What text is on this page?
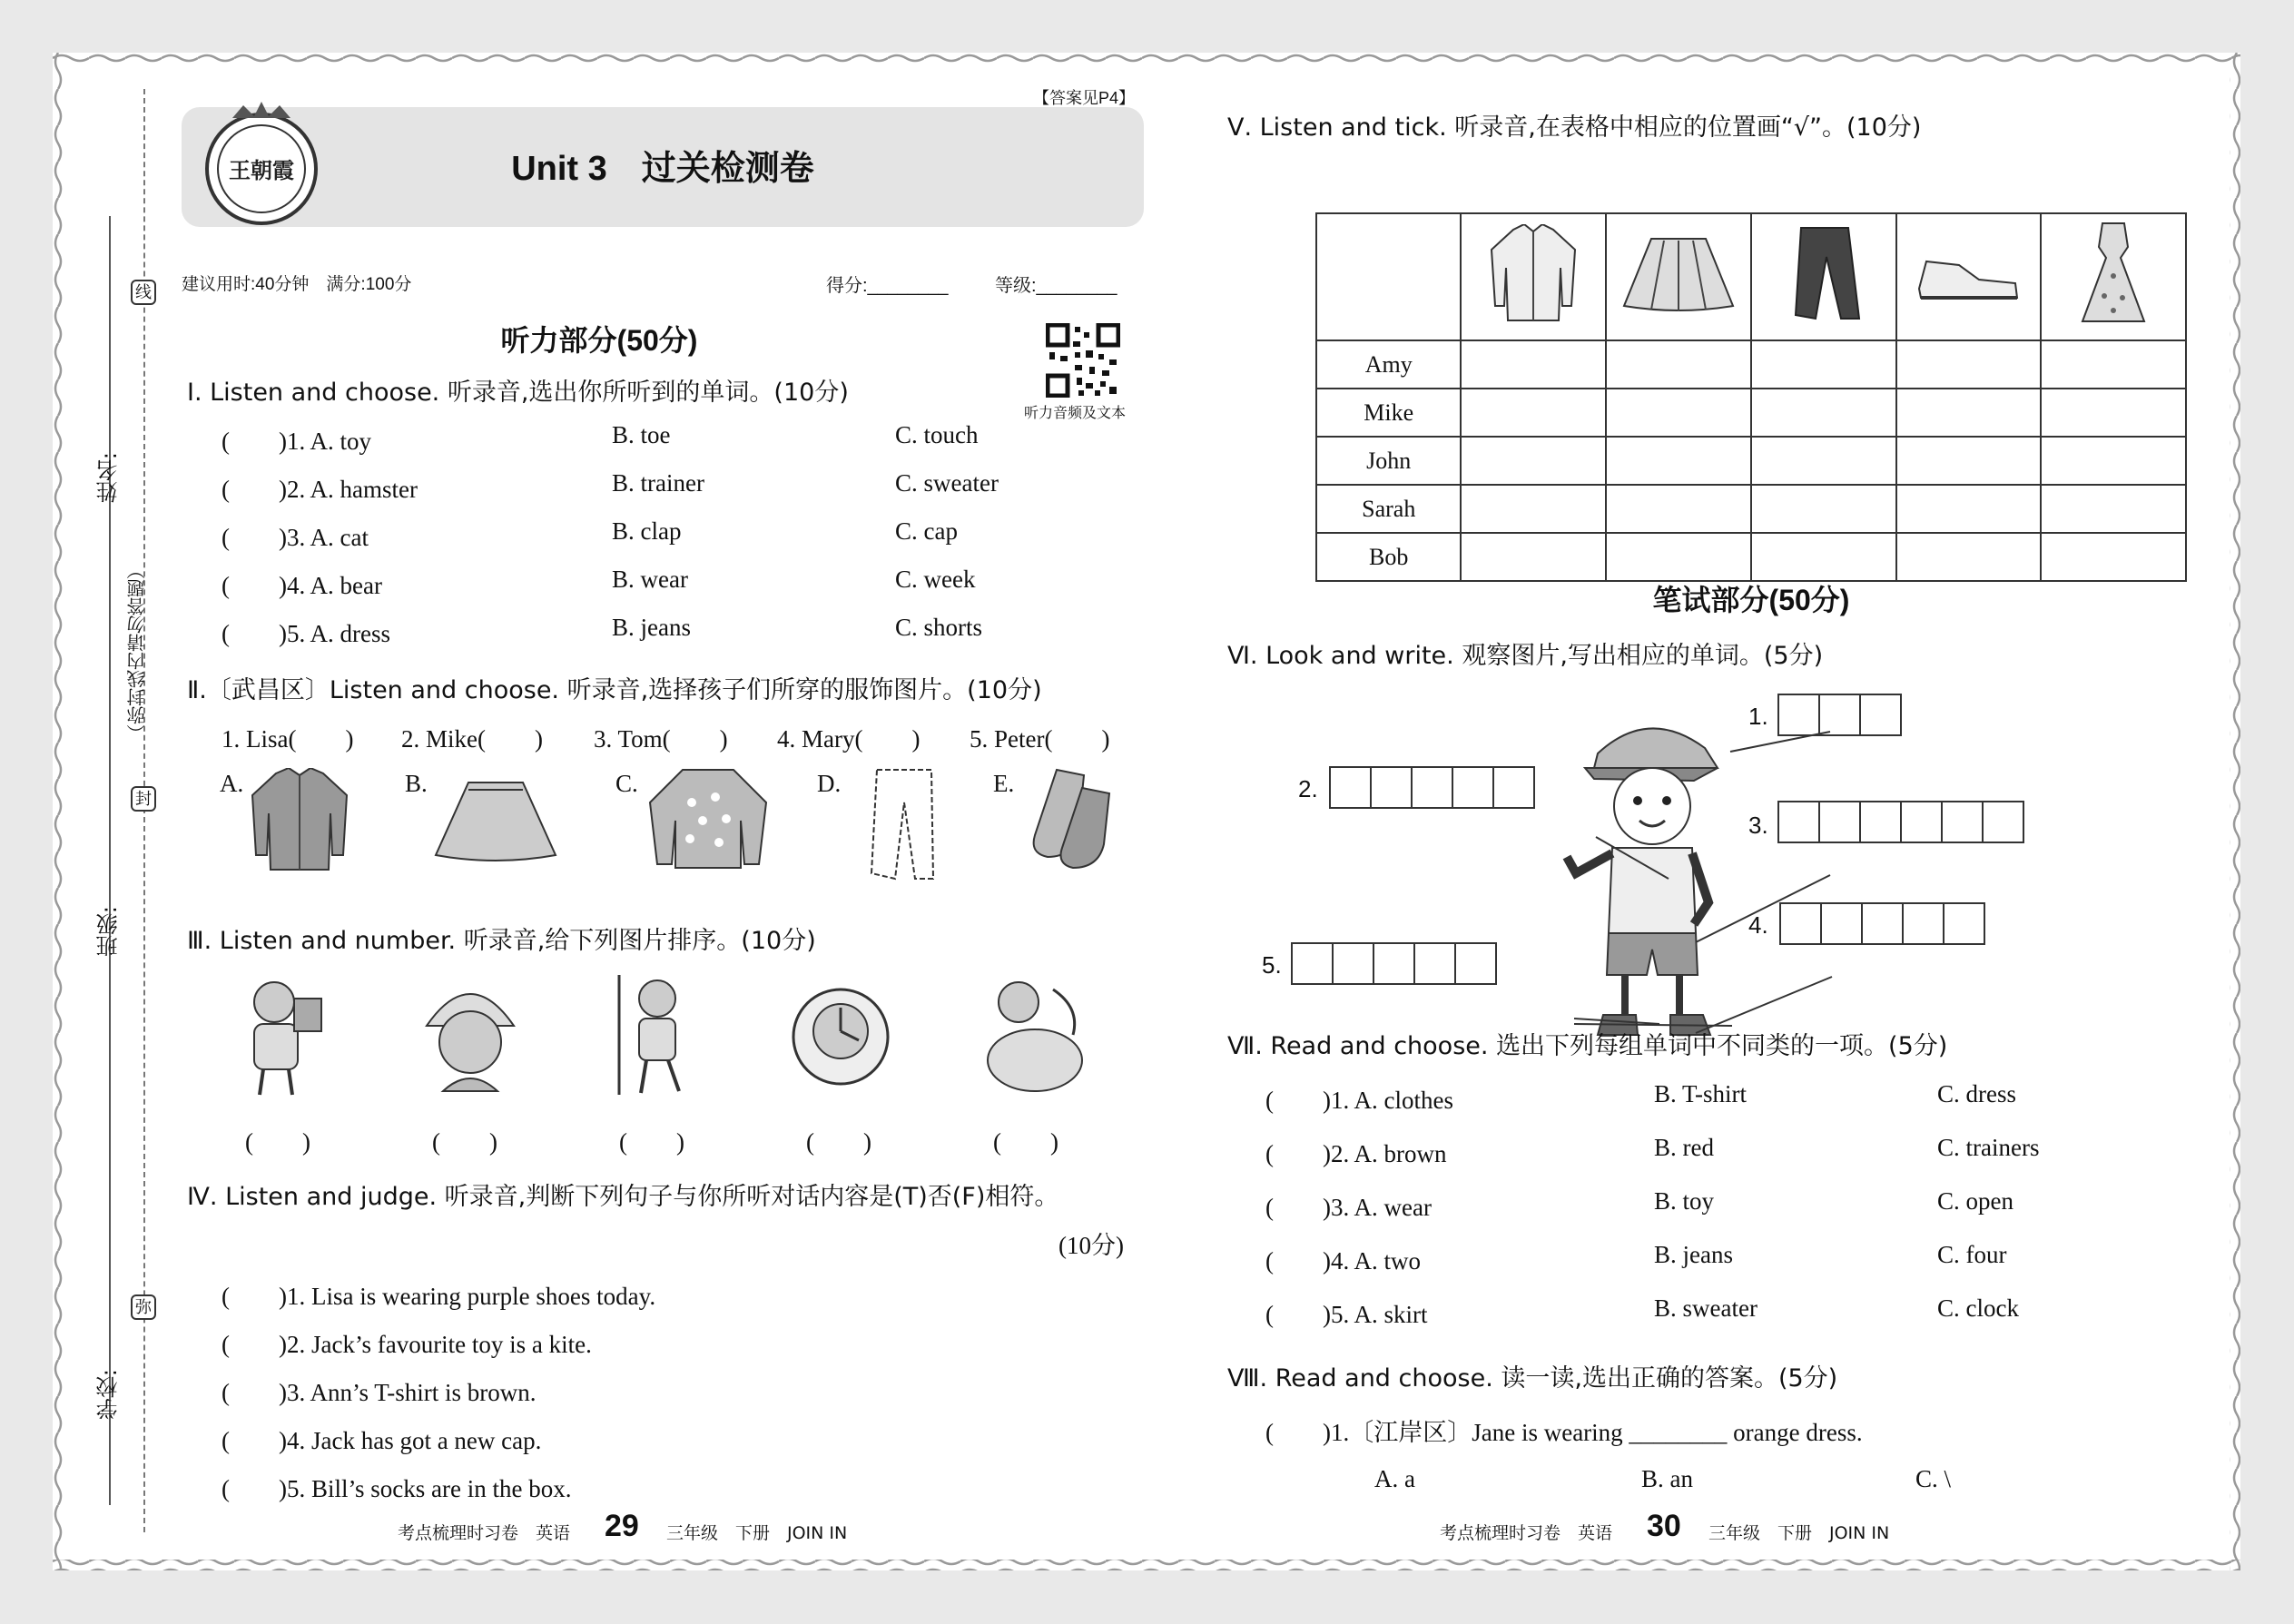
线
姓名:
（弥封线内请勿答题）
封
班级:
弥
学校:
【答案见P4】
王朝霞	Unit 3　过关检测卷
建议用时:40分钟　满分:100分	得分:________	等级:________
听力音频及文本
听力部分(50分)
Ⅰ. Listen and choose. 听录音,选出你所听到的单词。(10分)
(　　)1. A. toy	B. toe	C. touch
(　　)2. A. hamster	B. trainer	C. sweater
(　　)3. A. cat	B. clap	C. cap
(　　)4. A. bear	B. wear	C. week
(　　)5. A. dress	B. jeans	C. shorts
Ⅱ.〔武昌区〕Listen and choose. 听录音,选择孩子们所穿的服饰图片。(10分)
1. Lisa(　　) 2. Mike(　　) 3. Tom(　　) 4. Mary(　　) 5. Peter(　　)
A.	B.	C.	D.	E.
Ⅲ. Listen and number. 听录音,给下列图片排序。(10分)
(　　)	(　　)	(　　)	(　　)	(　　)
Ⅳ. Listen and judge. 听录音,判断下列句子与你所听对话内容是(T)否(F)相符。
(10分)
(　　)1. Lisa is wearing purple shoes today.
(　　)2. Jack’s favourite toy is a kite.
(　　)3. Ann’s T-shirt is brown.
(　　)4. Jack has got a new cap.
(　　)5. Bill’s socks are in the box.
考点梳理时习卷　英语 29 三年级　下册　JOIN IN
Ⅴ. Listen and tick. 听录音,在表格中相应的位置画“√”。(10分)

Amy					
Mike					
John					
Sarah					
Bob					
笔试部分(50分)
Ⅵ. Look and write. 观察图片,写出相应的单词。(5分)
1.
2.
3.
4.
5.
Ⅶ. Read and choose. 选出下列每组单词中不同类的一项。(5分)
(　　)1. A. clothes	B. T-shirt	C. dress
(　　)2. A. brown	B. red	C. trainers
(　　)3. A. wear	B. toy	C. open
(　　)4. A. two	B. jeans	C. four
(　　)5. A. skirt	B. sweater	C. clock
Ⅷ. Read and choose. 读一读,选出正确的答案。(5分)
(　　)1.〔江岸区〕Jane is wearing ________ orange dress.
A. a	B. an	C. \
考点梳理时习卷　英语 30 三年级　下册　JOIN IN
